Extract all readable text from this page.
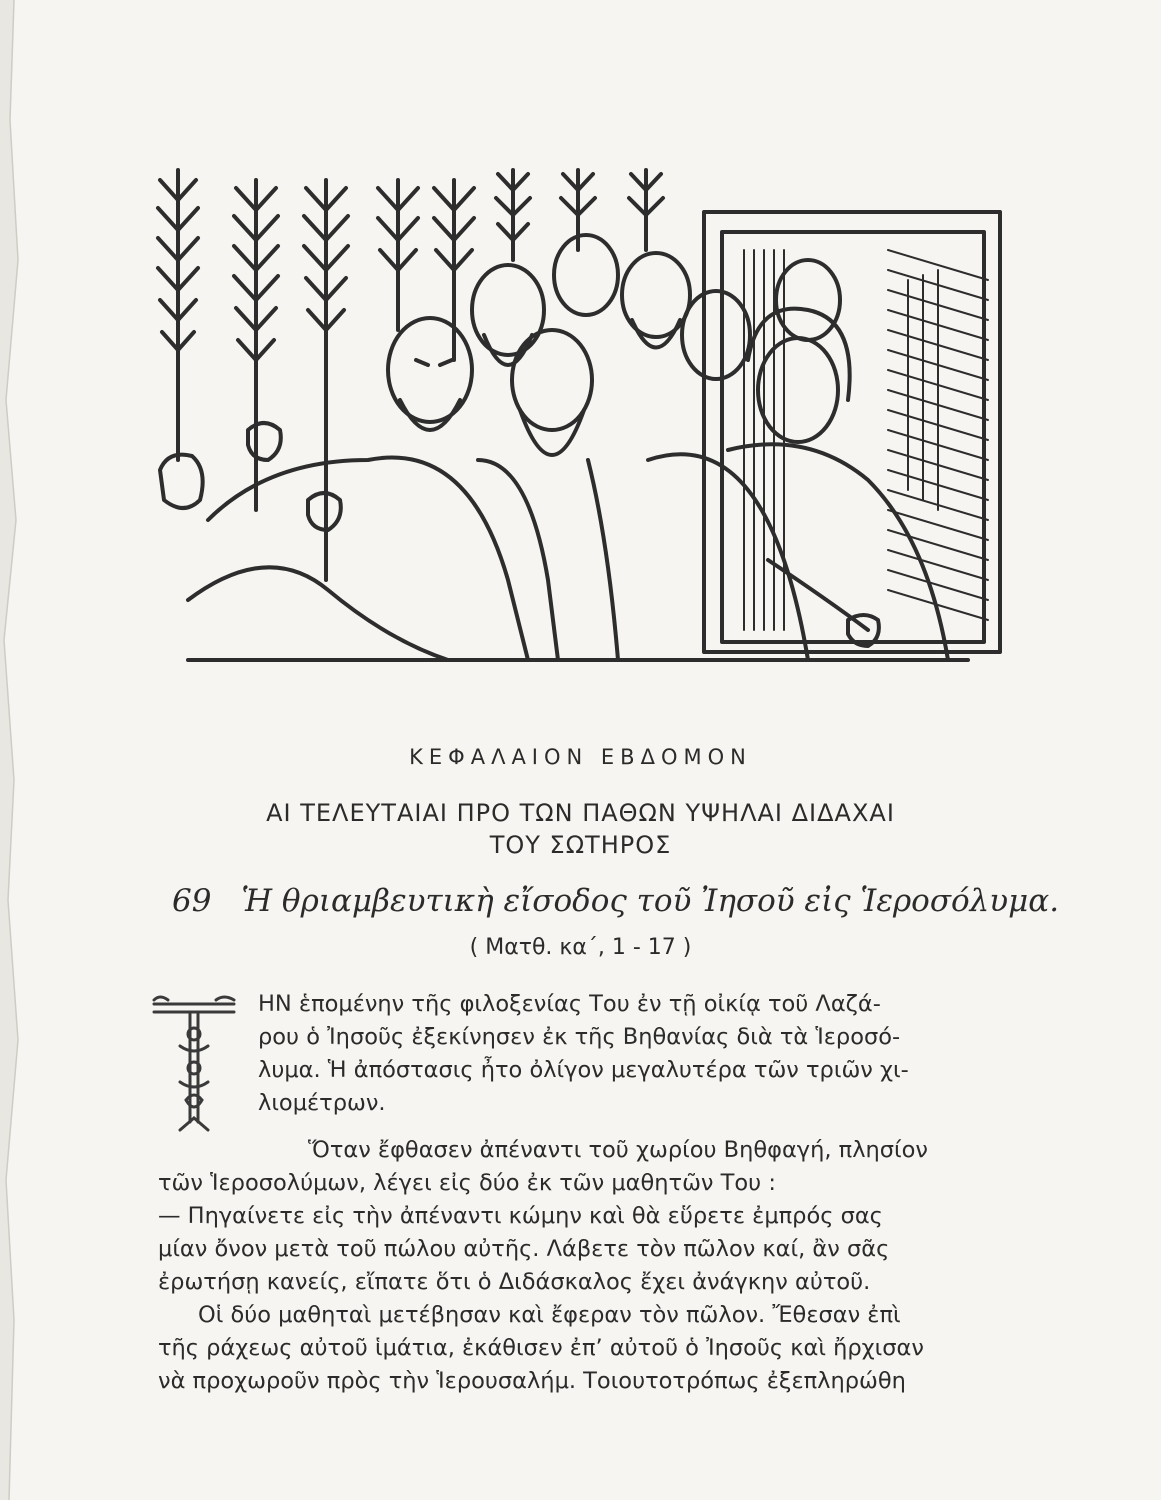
ΚΕΦΑΛΑΙΟΝ ΕΒΔΟΜΟΝ
ΑΙ ΤΕΛΕΥΤΑΙΑΙ ΠΡΟ ΤΩΝ ΠΑΘΩΝ ΥΨΗΛΑΙ ΔΙΔΑΧΑΙ
ΤΟΥ ΣΩΤΗΡΟΣ
69 Ἡ θριαμβευτικὴ εἴσοδος τοῦ Ἰησοῦ εἰς Ἱεροσόλυμα.
( Ματθ. κα΄, 1 - 17 )
ΗΝ ἑπομένην τῆς φιλοξενίας Του ἐν τῇ οἰκίᾳ τοῦ Λαζά-
ρου ὁ Ἰησοῦς ἐξεκίνησεν ἐκ τῆς Βηθανίας διὰ τὰ Ἱεροσό-
λυμα. Ἡ ἀπόστασις ἦτο ὀλίγον μεγαλυτέρα τῶν τριῶν χι-
λιομέτρων.
Ὅταν ἔφθασεν ἀπέναντι τοῦ χωρίου Βηθφαγή, πλησίον
τῶν Ἱεροσολύμων, λέγει εἰς δύο ἐκ τῶν μαθητῶν Του :
— Πηγαίνετε εἰς τὴν ἀπέναντι κώμην καὶ θὰ εὕρετε ἐμπρός σας
μίαν ὄνον μετὰ τοῦ πώλου αὐτῆς. Λάβετε τὸν πῶλον καί, ἂν σᾶς
ἐρωτήσῃ κανείς, εἴπατε ὅτι ὁ Διδάσκαλος ἔχει ἀνάγκην αὐτοῦ.
Οἱ δύο μαθηταὶ μετέβησαν καὶ ἔφεραν τὸν πῶλον. Ἔθεσαν ἐπὶ
τῆς ράχεως αὐτοῦ ἱμάτια, ἐκάθισεν ἐπ’ αὐτοῦ ὁ Ἰησοῦς καὶ ἤρχισαν
νὰ προχωροῦν πρὸς τὴν Ἱερουσαλήμ. Τοιουτοτρόπως ἐξεπληρώθη
